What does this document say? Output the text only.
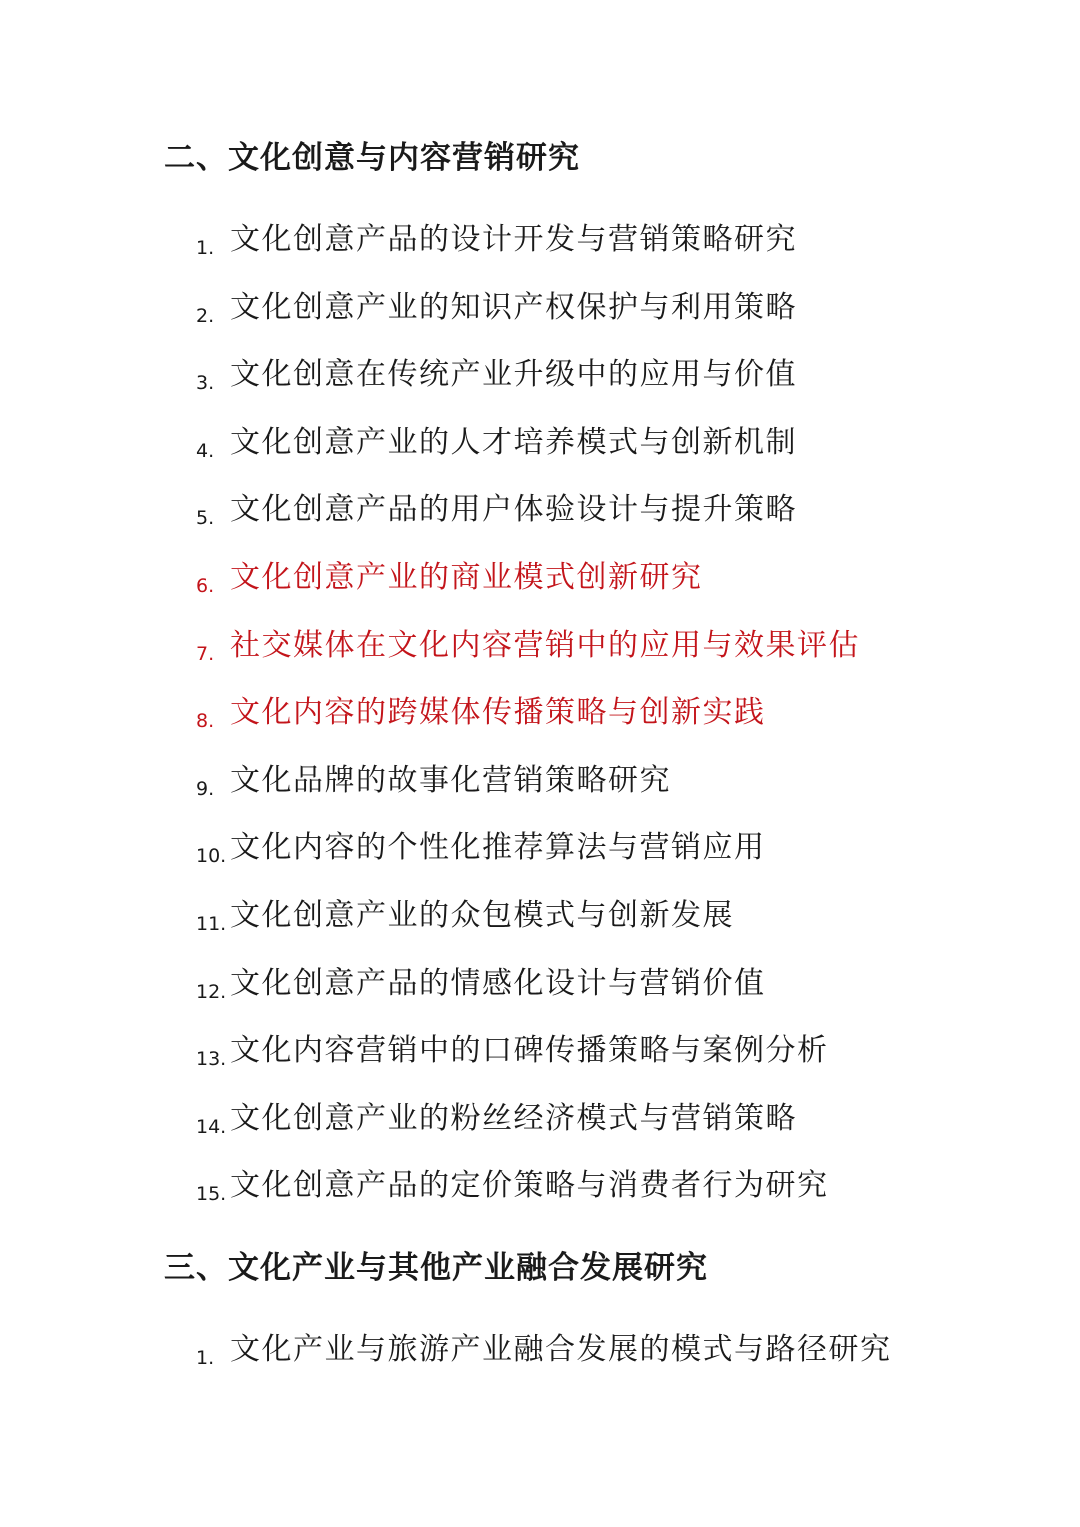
二、文化创意与内容营销研究
1. 文化创意产品的设计开发与营销策略研究
2. 文化创意产业的知识产权保护与利用策略
3. 文化创意在传统产业升级中的应用与价值
4. 文化创意产业的人才培养模式与创新机制
5. 文化创意产品的用户体验设计与提升策略
6. 文化创意产业的商业模式创新研究
7. 社交媒体在文化内容营销中的应用与效果评估
8. 文化内容的跨媒体传播策略与创新实践
9. 文化品牌的故事化营销策略研究
10. 文化内容的个性化推荐算法与营销应用
11. 文化创意产业的众包模式与创新发展
12. 文化创意产品的情感化设计与营销价值
13. 文化内容营销中的口碑传播策略与案例分析
14. 文化创意产业的粉丝经济模式与营销策略
15. 文化创意产品的定价策略与消费者行为研究
三、文化产业与其他产业融合发展研究
1. 文化产业与旅游产业融合发展的模式与路径研究
